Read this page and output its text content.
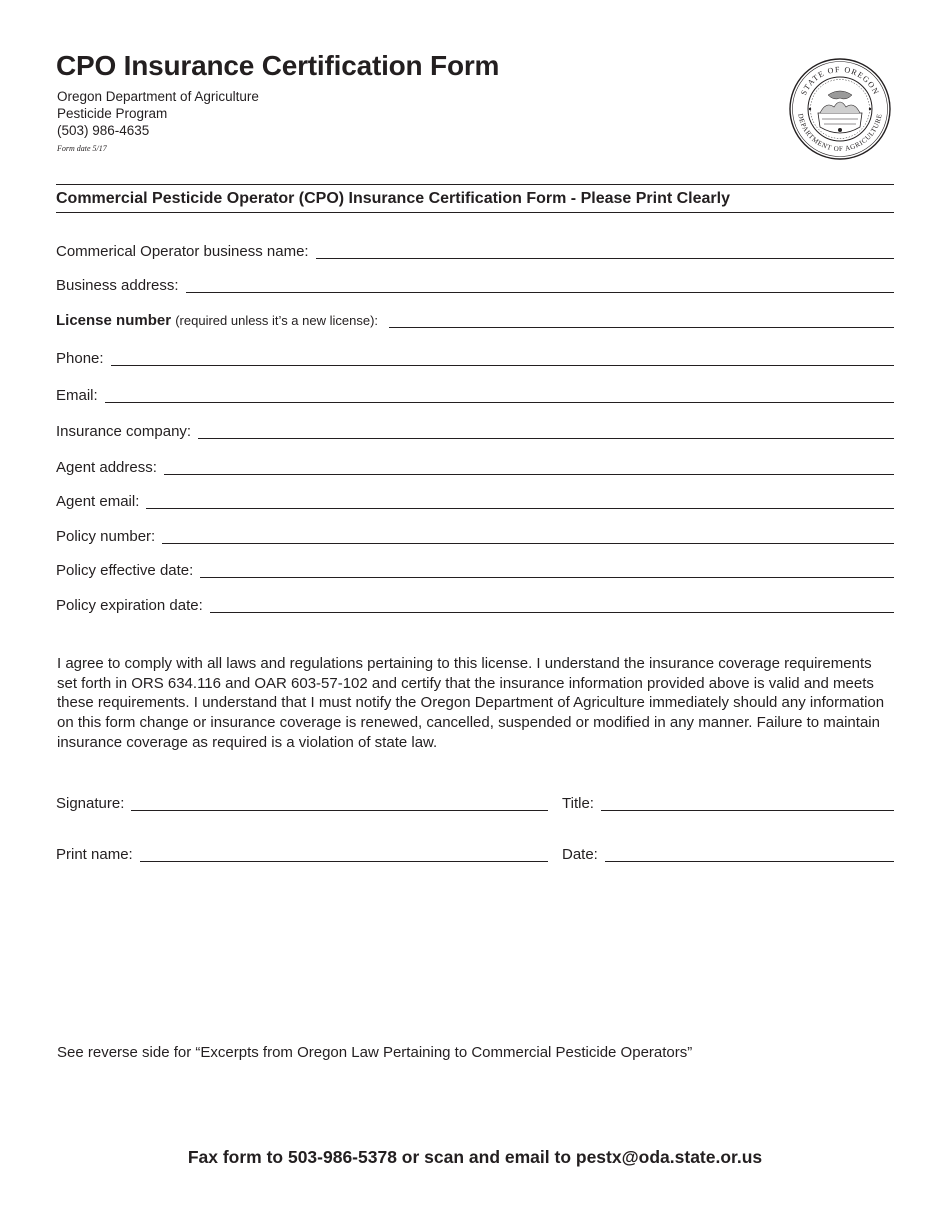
CPO Insurance Certification Form
Oregon Department of Agriculture
Pesticide Program
(503) 986-4635
Form date 5/17
STATE OF OREGON
DEPARTMENT OF AGRICULTURE
Commercial Pesticide Operator (CPO) Insurance Certification Form - Please Print Clearly
Commerical Operator business name:
Business address:
License number (required unless it’s a new license):
Phone:
Email:
Insurance company:
Agent address:
Agent email:
Policy number:
Policy effective date:
Policy expiration date:
I agree to comply with all laws and regulations pertaining to this license. I understand the insurance coverage requirements set forth in ORS 634.116 and OAR 603-57-102 and certify that the insurance information provided above is valid and meets these requirements. I understand that I must notify the Oregon Department of Agriculture immediately should any information on this form change or insurance coverage is renewed, cancelled, suspended or modified in any manner. Failure to maintain insurance coverage as required is a violation of state law.
Signature:	Title:
Print name:	Date:
See reverse side for “Excerpts from Oregon Law Pertaining to Commercial Pesticide Operators”
Fax form to 503-986-5378 or scan and email to pestx@oda.state.or.us
